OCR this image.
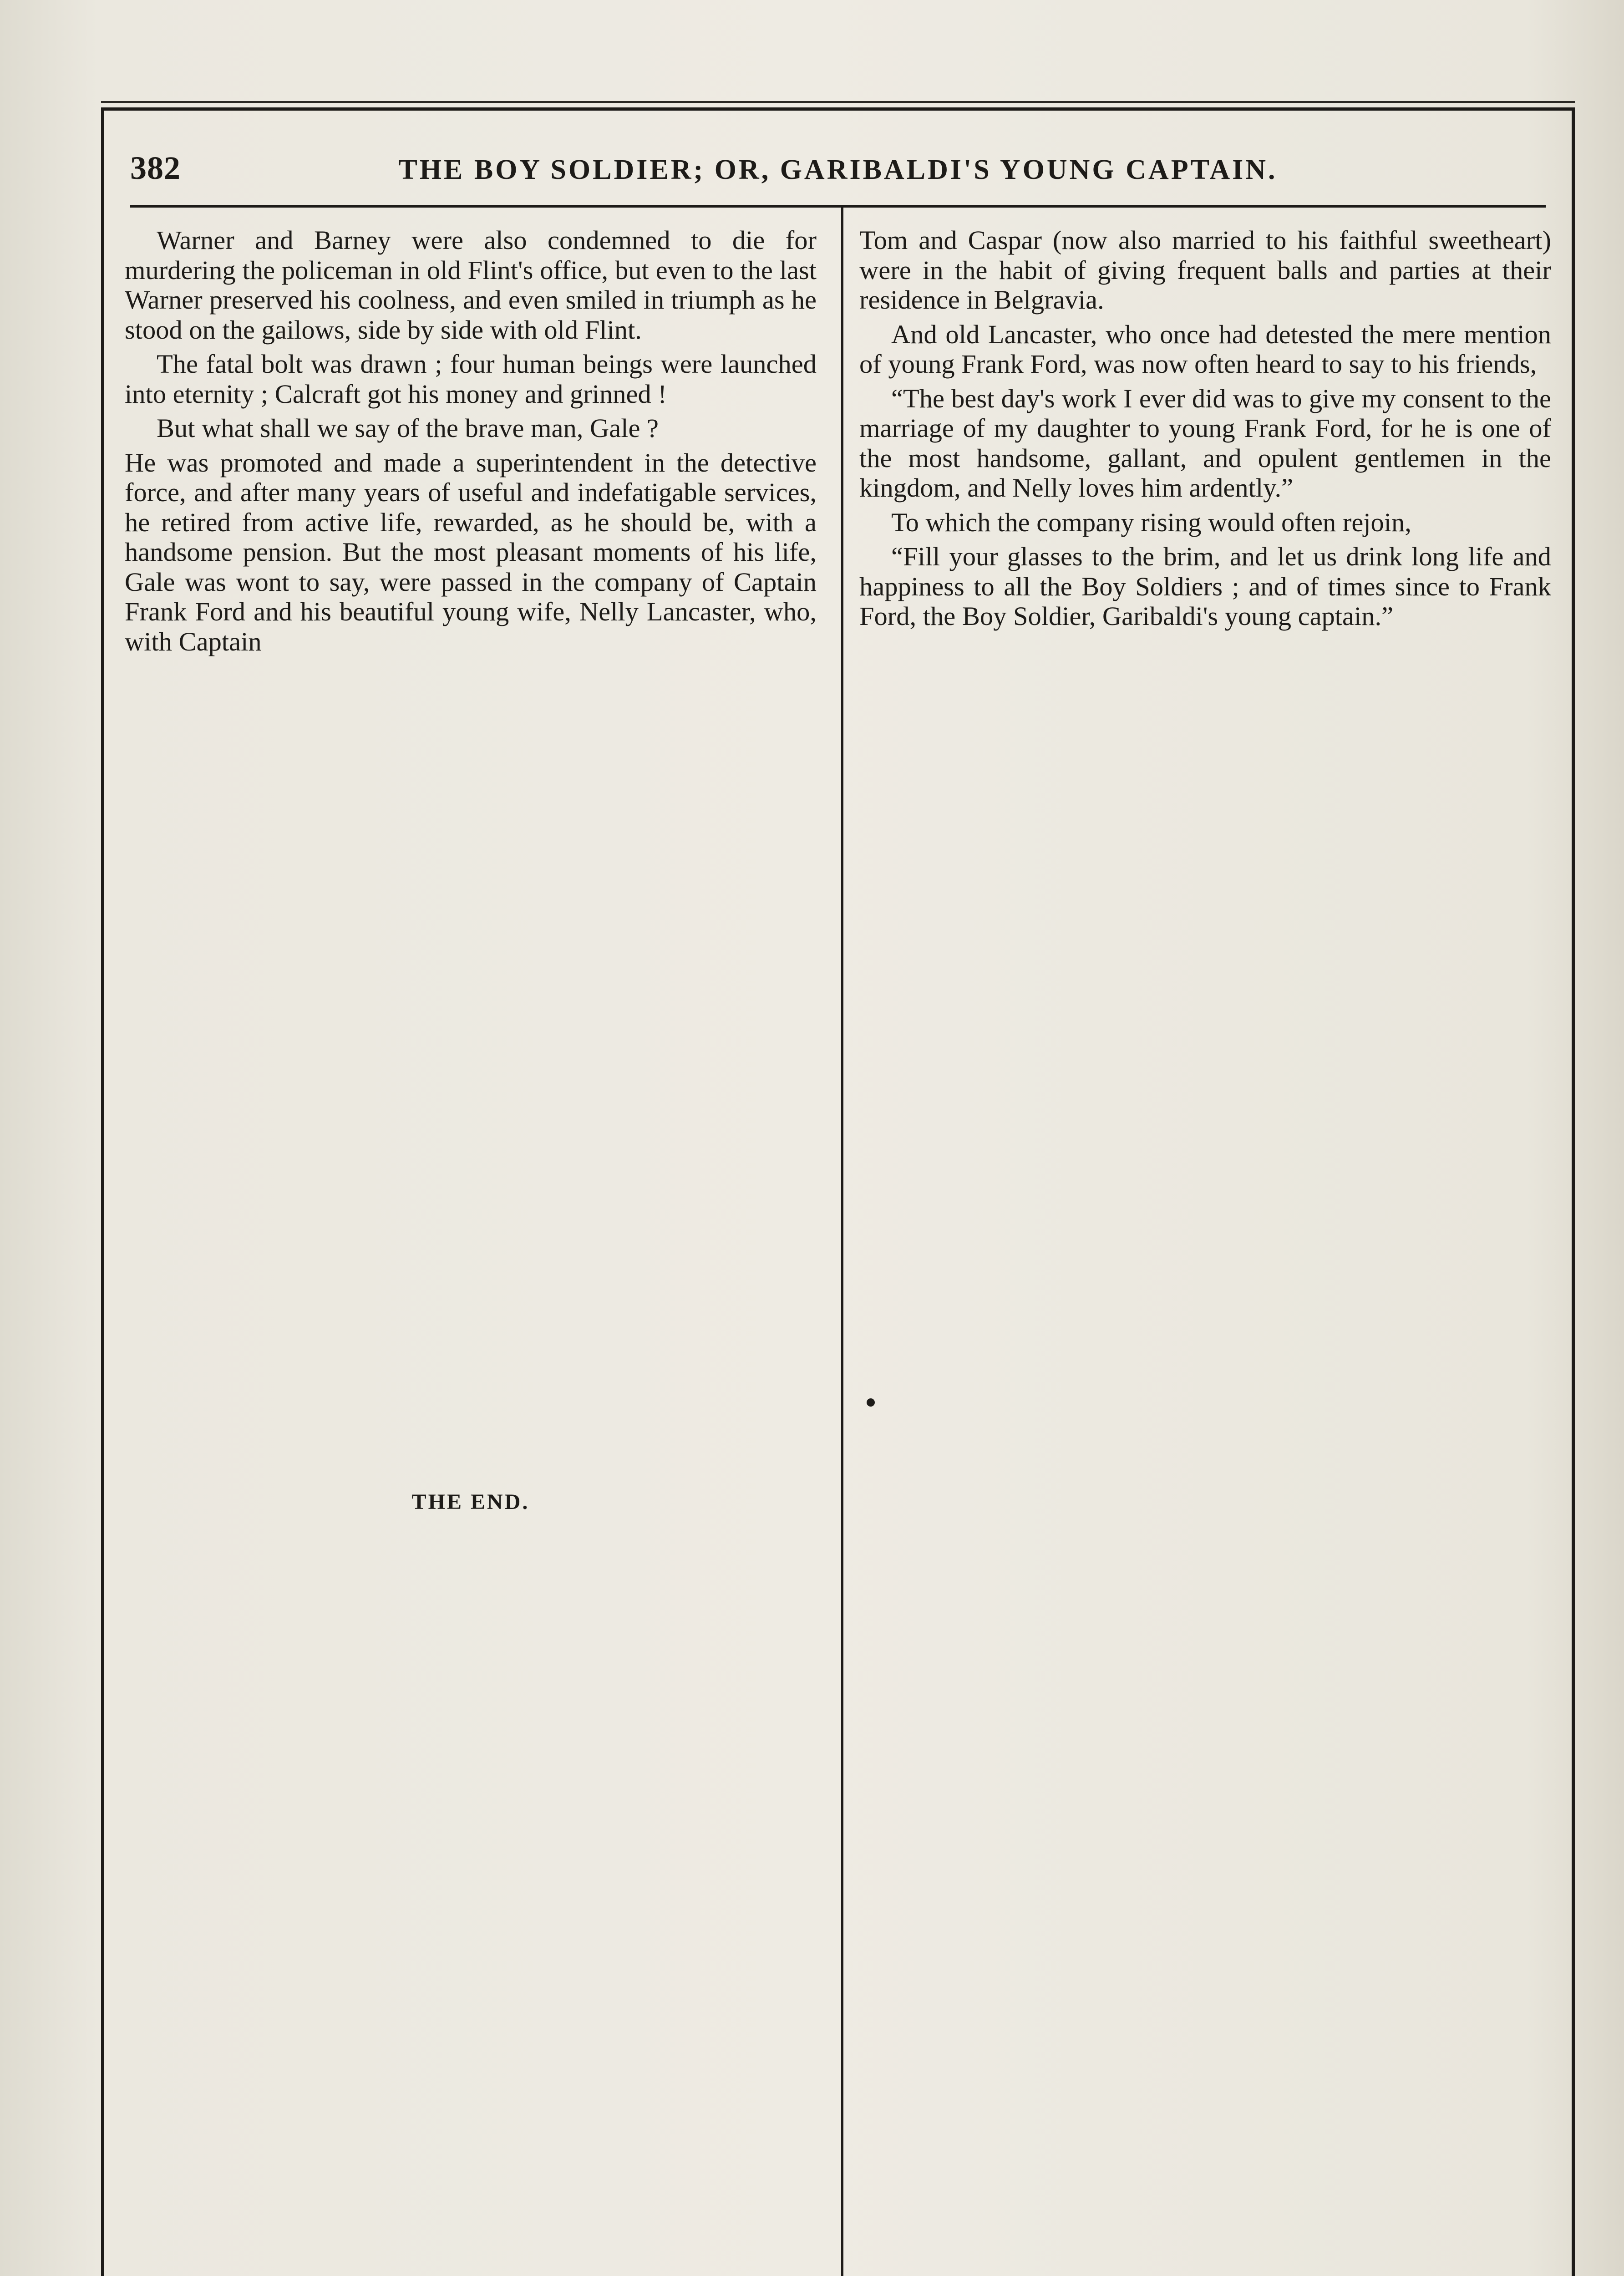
382	THE BOY SOLDIER; OR, GARIBALDI'S YOUNG CAPTAIN.

Warner and Barney were also condemned to die for murdering the policeman in old Flint's office, but even to the last Warner preserved his coolness, and even smiled in triumph as he stood on the gailows, side by side with old Flint.

The fatal bolt was drawn ; four human beings were launched into eternity ; Calcraft got his money and grinned !

But what shall we say of the brave man, Gale ?

He was promoted and made a superintendent in the detective force, and after many years of useful and indefatigable services, he retired from active life, rewarded, as he should be, with a handsome pension. But the most pleasant moments of his life, Gale was wont to say, were passed in the company of Captain Frank Ford and his beautiful young wife, Nelly Lancaster, who, with Captain

Tom and Caspar (now also married to his faithful sweetheart) were in the habit of giving frequent balls and parties at their residence in Belgravia.

And old Lancaster, who once had detested the mere mention of young Frank Ford, was now often heard to say to his friends,

“The best day's work I ever did was to give my consent to the marriage of my daughter to young Frank Ford, for he is one of the most handsome, gallant, and opulent gentlemen in the kingdom, and Nelly loves him ardently.”

To which the company rising would often rejoin,

“Fill your glasses to the brim, and let us drink long life and happiness to all the Boy Soldiers ; and of times since to Frank Ford, the Boy Soldier, Garibaldi's young captain.”

THE END.
